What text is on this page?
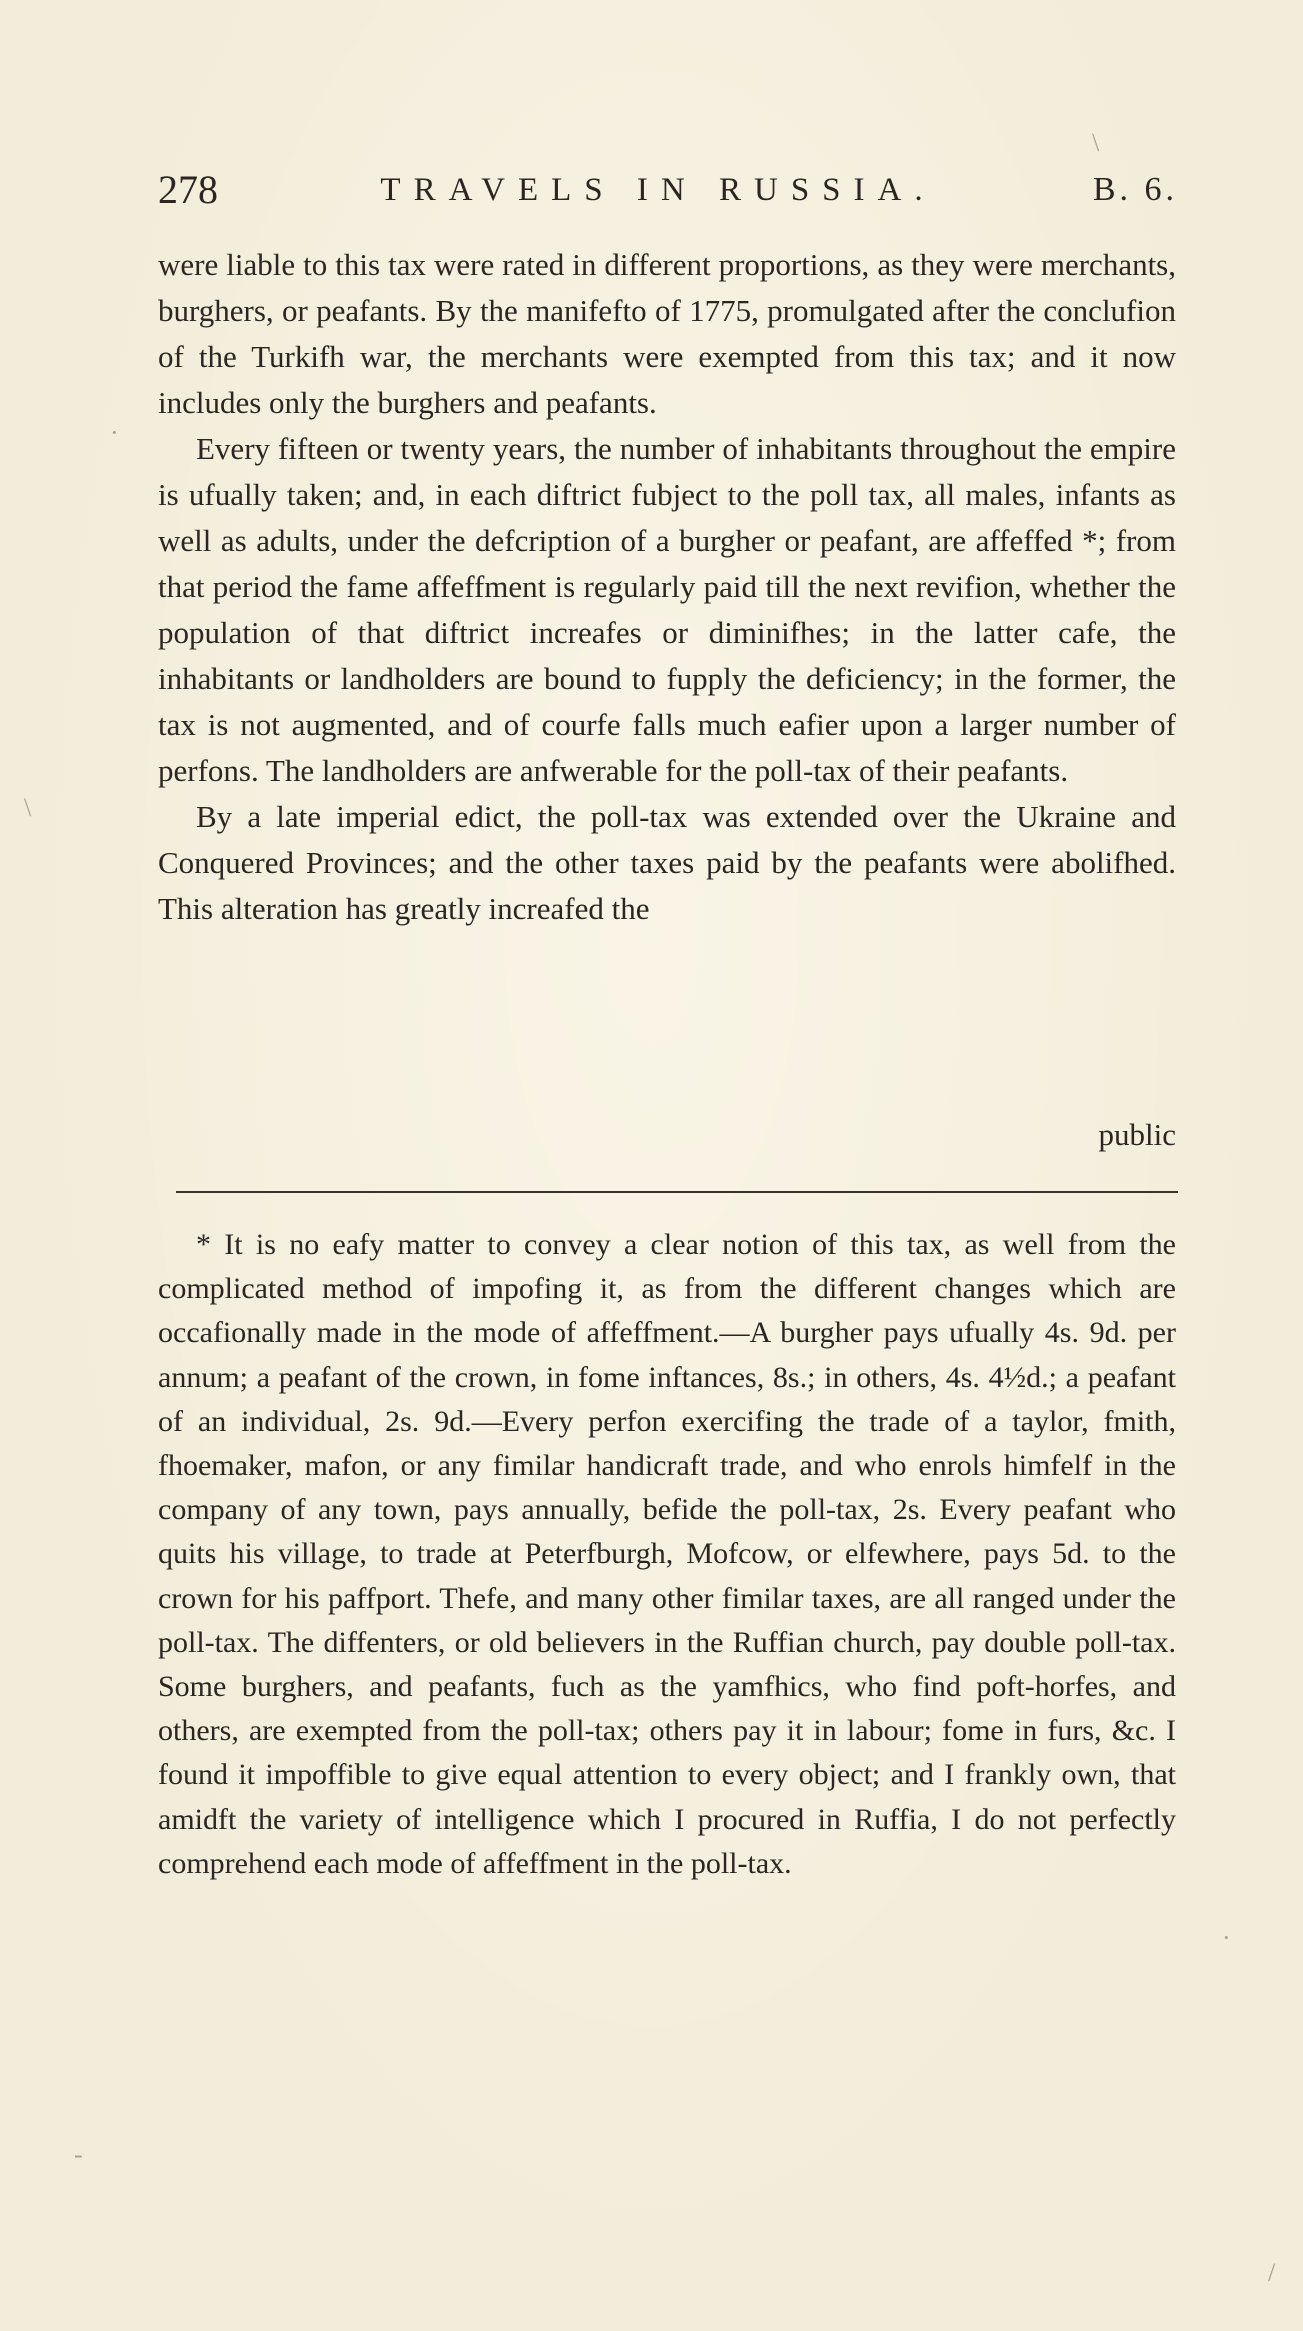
278	TRAVELS IN RUSSIA.	B. 6.

were liable to this tax were rated in different proportions, as they were merchants, burghers, or peafants. By the manifefto of 1775, promulgated after the conclufion of the Turkifh war, the merchants were exempted from this tax; and it now includes only the burghers and peafants.

Every fifteen or twenty years, the number of inhabitants throughout the empire is ufually taken; and, in each diftrict fubject to the poll tax, all males, infants as well as adults, under the defcription of a burgher or peafant, are affeffed *; from that period the fame affeffment is regularly paid till the next revifion, whether the population of that diftrict increafes or diminifhes; in the latter cafe, the inhabitants or landholders are bound to fupply the deficiency; in the former, the tax is not augmented, and of courfe falls much eafier upon a larger number of perfons. The landholders are anfwerable for the poll-tax of their peafants.

By a late imperial edict, the poll-tax was extended over the Ukraine and Conquered Provinces; and the other taxes paid by the peafants were abolifhed. This alteration has greatly increafed the

public

* It is no eafy matter to convey a clear notion of this tax, as well from the complicated method of impofing it, as from the different changes which are occafionally made in the mode of affeffment.—A burgher pays ufually 4s. 9d. per annum; a peafant of the crown, in fome inftances, 8s.; in others, 4s. 4½d.; a peafant of an individual, 2s. 9d.—Every perfon exercifing the trade of a taylor, fmith, fhoemaker, mafon, or any fimilar handicraft trade, and who enrols himfelf in the company of any town, pays annually, befide the poll-tax, 2s. Every peafant who quits his village, to trade at Peterfburgh, Mofcow, or elfewhere, pays 5d. to the crown for his paffport. Thefe, and many other fimilar taxes, are all ranged under the poll-tax. The diffenters, or old believers in the Ruffian church, pay double poll-tax. Some burghers, and peafants, fuch as the yamfhics, who find poft-horfes, and others, are exempted from the poll-tax; others pay it in labour; fome in furs, &c. I found it impoffible to give equal attention to every object; and I frankly own, that amidft the variety of intelligence which I procured in Ruffia, I do not perfectly comprehend each mode of affeffment in the poll-tax.

·
\
\
·
-
/
